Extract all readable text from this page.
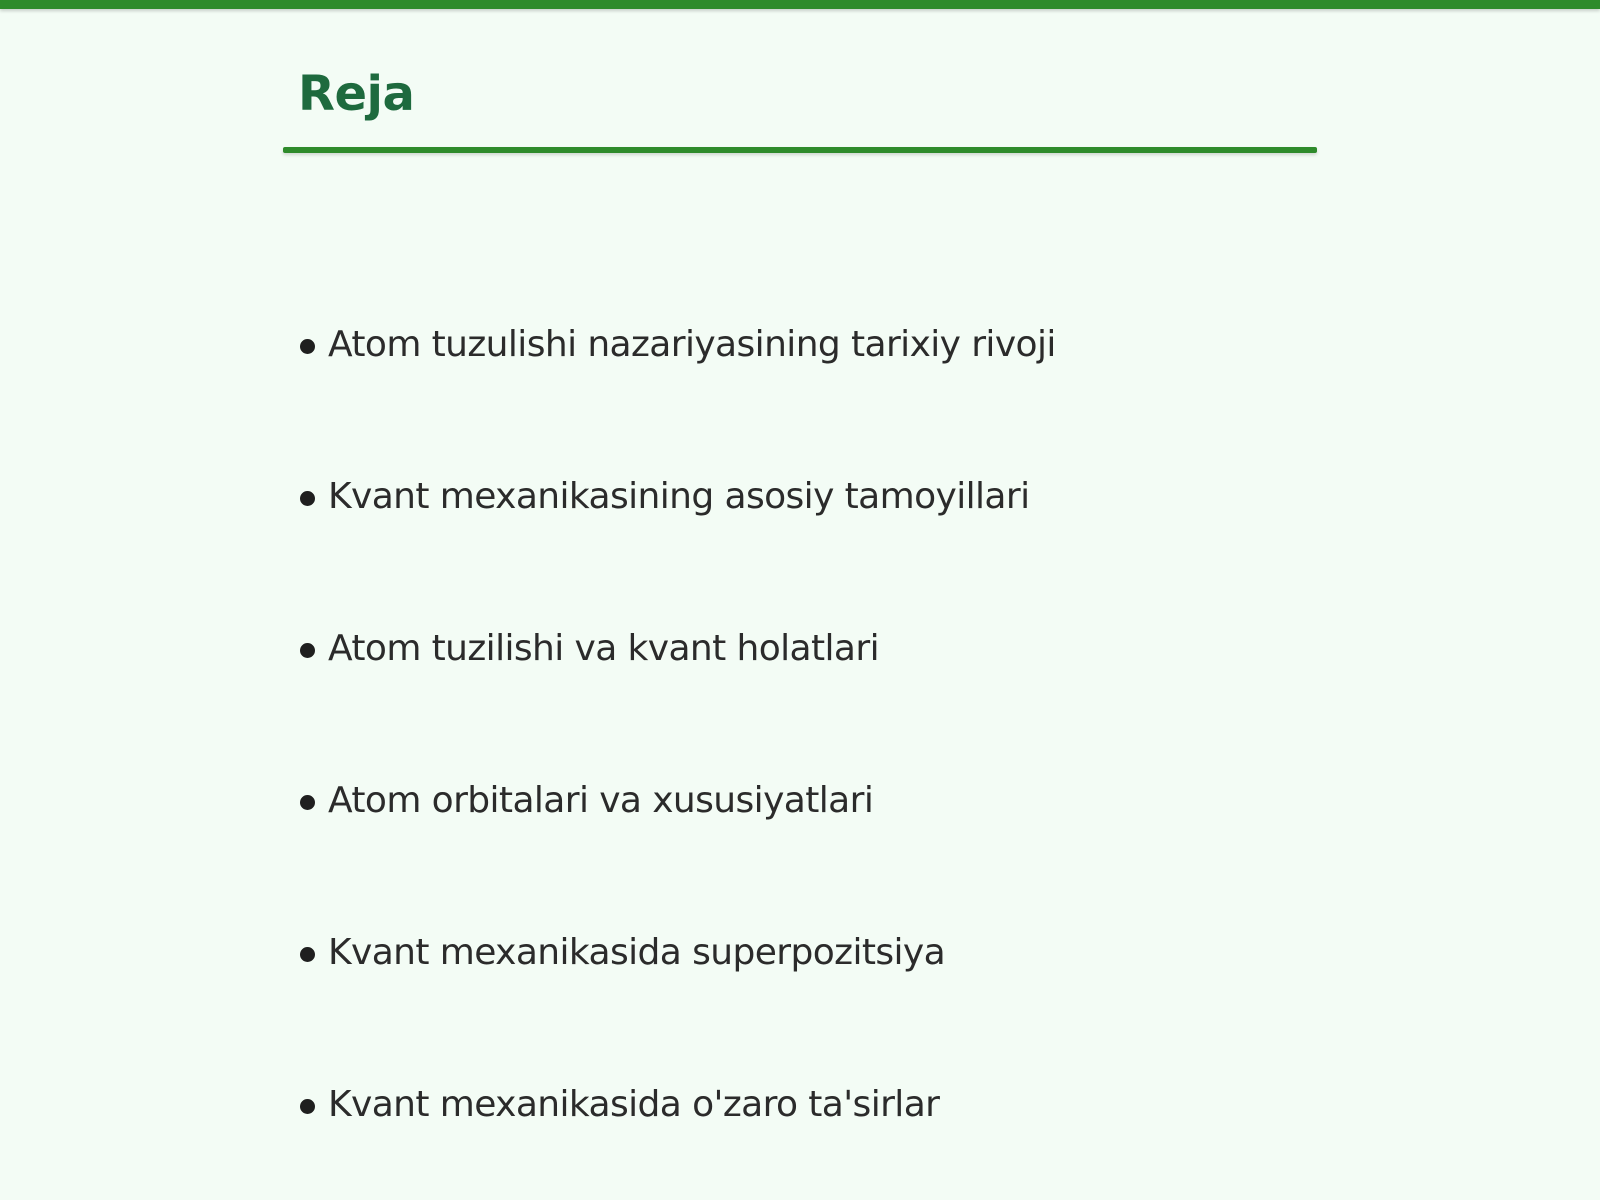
Reja
Atom tuzulishi nazariyasining tarixiy rivoji
Kvant mexanikasining asosiy tamoyillari
Atom tuzilishi va kvant holatlari
Atom orbitalari va xususiyatlari
Kvant mexanikasida superpozitsiya
Kvant mexanikasida o'zaro ta'sirlar
